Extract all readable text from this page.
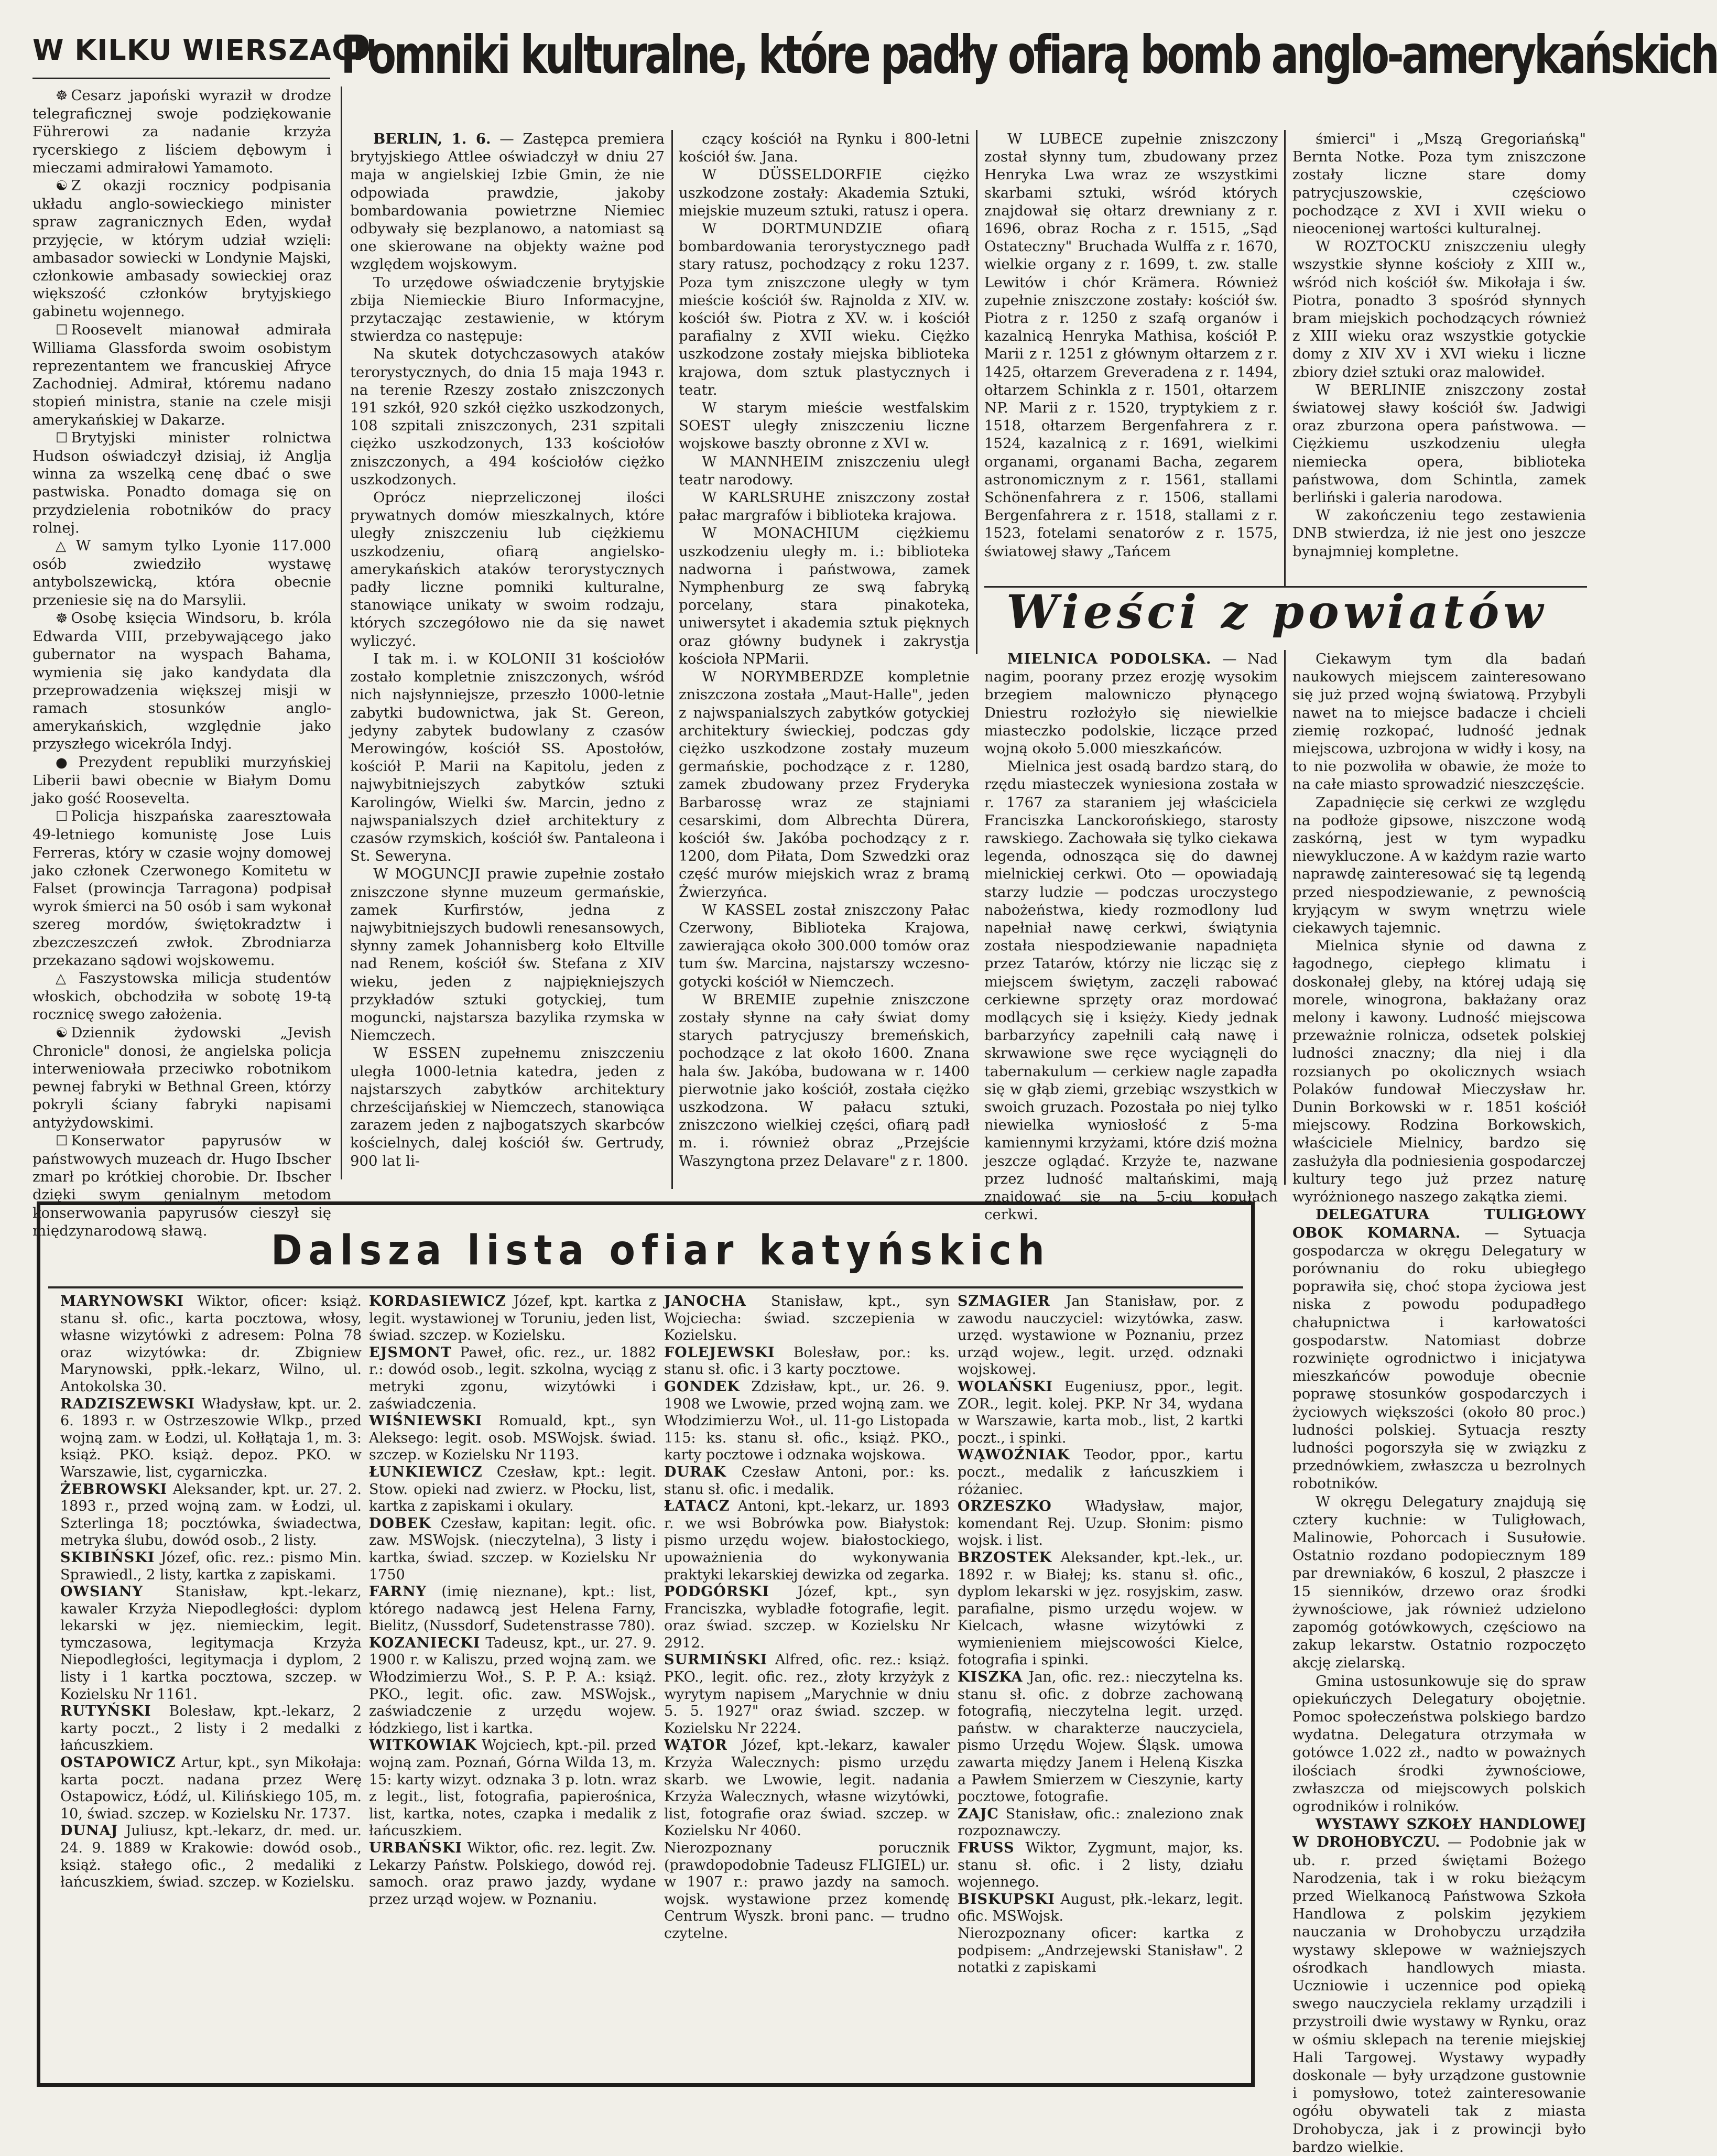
W KILKU WIERSZACH
Pomniki kulturalne, które padły ofiarą bomb anglo-amerykańskich

☸ Cesarz japoński wyraził w drodze telegraficznej swoje podziękowanie Führerowi za nadanie krzyża rycerskiego z liściem dębowym i mieczami admirałowi Yamamoto.

☯ Z okazji rocznicy podpisania układu anglo-sowieckiego minister spraw zagranicznych Eden, wydał przyjęcie, w którym udział wzięli: ambasador sowiecki w Londynie Majski, członkowie ambasady sowieckiej oraz większość członków brytyjskiego gabinetu wojennego.

☐ Roosevelt mianował admirała Williama Glassforda swoim osobistym reprezentantem we francuskiej Afryce Zachodniej. Admirał, któremu nadano stopień ministra, stanie na czele misji amerykańskiej w Dakarze.

☐ Brytyjski minister rolnictwa Hudson oświadczył dzisiaj, iż Anglja winna za wszelką cenę dbać o swe pastwiska. Ponadto domaga się on przydzielenia robotników do pracy rolnej.

△ W samym tylko Lyonie 117.000 osób zwiedziło wystawę antybolszewicką, która obecnie przeniesie się na do Marsylii.

☸ Osobę księcia Windsoru, b. króla Edwarda VIII, przebywającego jako gubernator na wyspach Bahama, wymienia się jako kandydata dla przeprowadzenia większej misji w ramach stosunków anglo-amerykańskich, względnie jako przyszłego wicekróla Indyj.

● Prezydent republiki murzyńskiej Liberii bawi obecnie w Białym Domu jako gość Roosevelta.

☐ Policja hiszpańska zaaresztowała 49-letniego komunistę Jose Luis Ferreras, który w czasie wojny domowej jako członek Czerwonego Komitetu w Falset (prowincja Tarragona) podpisał wyrok śmierci na 50 osób i sam wykonał szereg mordów, świętokradztw i zbezczeszczeń zwłok. Zbrodniarza przekazano sądowi wojskowemu.

△ Faszystowska milicja studentów włoskich, obchodziła w sobotę 19-tą rocznicę swego założenia.

☯ Dziennik żydowski „Jevish Chronicle" donosi, że angielska policja interweniowała przeciwko robotnikom pewnej fabryki w Bethnal Green, którzy pokryli ściany fabryki napisami antyżydowskimi.

☐ Konserwator papyrusów w państwowych muzeach dr. Hugo Ibscher zmarł po krótkiej chorobie. Dr. Ibscher dzięki swym genialnym metodom konserwowania papyrusów cieszył się międzynarodową sławą.

BERLIN, 1. 6. — Zastępca premiera brytyjskiego Attlee oświadczył w dniu 27 maja w angielskiej Izbie Gmin, że nie odpowiada prawdzie, jakoby bombardowania powietrzne Niemiec odbywały się bezplanowo, a natomiast są one skierowane na objekty ważne pod względem wojskowym.

To urzędowe oświadczenie brytyjskie zbija Niemieckie Biuro Informacyjne, przytaczając zestawienie, w którym stwierdza co następuje:

Na skutek dotychczasowych ataków terorystycznych, do dnia 15 maja 1943 r. na terenie Rzeszy zostało zniszczonych 191 szkół, 920 szkół ciężko uszkodzonych, 108 szpitali zniszczonych, 231 szpitali ciężko uszkodzonych, 133 kościołów zniszczonych, a 494 kościołów ciężko uszkodzonych.

Oprócz nieprzeliczonej ilości prywatnych domów mieszkalnych, które uległy zniszczeniu lub ciężkiemu uszkodzeniu, ofiarą angielsko-amerykańskich ataków terorystycznych padły liczne pomniki kulturalne, stanowiące unikaty w swoim rodzaju, których szczegółowo nie da się nawet wyliczyć.

I tak m. i. w KOLONII 31 kościołów zostało kompletnie zniszczonych, wśród nich najsłynniejsze, przeszło 1000-letnie zabytki budownictwa, jak St. Gereon, jedyny zabytek budowlany z czasów Merowingów, kościół SS. Apostołów, kościół P. Marii na Kapitolu, jeden z najwybitniejszych zabytków sztuki Karolingów, Wielki św. Marcin, jedno z najwspanialszych dzieł architektury z czasów rzymskich, kościół św. Pantaleona i St. Seweryna.

W MOGUNCJI prawie zupełnie zostało zniszczone słynne muzeum germańskie, zamek Kurfirstów, jedna z najwybitniejszych budowli renesansowych, słynny zamek Johannisberg koło Eltville nad Renem, kościół św. Stefana z XIV wieku, jeden z najpiękniejszych przykładów sztuki gotyckiej, tum moguncki, najstarsza bazylika rzymska w Niemczech.

W ESSEN zupełnemu zniszczeniu uległa 1000-letnia katedra, jeden z najstarszych zabytków architektury chrześcijańskiej w Niemczech, stanowiąca zarazem jeden z najbogatszych skarbców kościelnych, dalej kościół św. Gertrudy, 900 lat li-

czący kościół na Rynku i 800-letni kościół św. Jana.

W DÜSSELDORFIE ciężko uszkodzone zostały: Akademia Sztuki, miejskie muzeum sztuki, ratusz i opera.

W DORTMUNDZIE ofiarą bombardowania terorystycznego padł stary ratusz, pochodzący z roku 1237. Poza tym zniszczone uległy w tym mieście kościół św. Rajnolda z XIV. w. kościół św. Piotra z XV. w. i kościół parafialny z XVII wieku. Ciężko uszkodzone zostały miejska biblioteka krajowa, dom sztuk plastycznych i teatr.

W starym mieście westfalskim SOEST uległy zniszczeniu liczne wojskowe baszty obronne z XVI w.

W MANNHEIM zniszczeniu uległ teatr narodowy.

W KARLSRUHE zniszczony został pałac margrafów i biblioteka krajowa.

W MONACHIUM ciężkiemu uszkodzeniu uległy m. i.: biblioteka nadworna i państwowa, zamek Nymphenburg ze swą fabryką porcelany, stara pinakoteka, uniwersytet i akademia sztuk pięknych oraz główny budynek i zakrystja kościoła NPMarii.

W NORYMBERDZE kompletnie zniszczona została „Maut-Halle", jeden z najwspanialszych zabytków gotyckiej architektury świeckiej, podczas gdy ciężko uszkodzone zostały muzeum germańskie, pochodzące z r. 1280, zamek zbudowany przez Fryderyka Barbarossę wraz ze stajniami cesarskimi, dom Albrechta Dürera, kościół św. Jakóba pochodzący z r. 1200, dom Piłata, Dom Szwedzki oraz część murów miejskich wraz z bramą Żwierzyńca.

W KASSEL został zniszczony Pałac Czerwony, Biblioteka Krajowa, zawierająca około 300.000 tomów oraz tum św. Marcina, najstarszy wczesno-gotycki kościół w Niemczech.

W BREMIE zupełnie zniszczone zostały słynne na cały świat domy starych patrycjuszy bremeńskich, pochodzące z lat około 1600. Znana hala św. Jakóba, budowana w r. 1400 pierwotnie jako kościół, została ciężko uszkodzona. W pałacu sztuki, zniszczono wielkiej części, ofiarą padł m. i. również obraz „Przejście Waszyngtona przez Delavare" z r. 1800.

W LUBECE zupełnie zniszczony został słynny tum, zbudowany przez Henryka Lwa wraz ze wszystkimi skarbami sztuki, wśród których znajdował się ołtarz drewniany z r. 1696, obraz Rocha z r. 1515, „Sąd Ostateczny" Bruchada Wulffa z r. 1670, wielkie organy z r. 1699, t. zw. stalle Lewitów i chór Krämera. Również zupełnie zniszczone zostały: kościół św. Piotra z r. 1250 z szafą organów i kazalnicą Henryka Mathisa, kościół P. Marii z r. 1251 z głównym ołtarzem z r. 1425, ołtarzem Greveradena z r. 1494, ołtarzem Schinkla z r. 1501, ołtarzem NP. Marii z r. 1520, tryptykiem z r. 1518, ołtarzem Bergenfahrera z r. 1524, kazalnicą z r. 1691, wielkimi organami, organami Bacha, zegarem astronomicznym z r. 1561, stallami Schönenfahrera z r. 1506, stallami Bergenfahrera z r. 1518, stallami z r. 1523, fotelami senatorów z r. 1575, światowej sławy „Tańcem

śmierci" i „Mszą Gregoriańską" Bernta Notke. Poza tym zniszczone zostały liczne stare domy patrycjuszowskie, częściowo pochodzące z XVI i XVII wieku o nieocenionej wartości kulturalnej.

W ROZTOCKU zniszczeniu uległy wszystkie słynne kościoły z XIII w., wśród nich kościół św. Mikołaja i św. Piotra, ponadto 3 spośród słynnych bram miejskich pochodzących również z XIII wieku oraz wszystkie gotyckie domy z XIV XV i XVI wieku i liczne zbiory dzieł sztuki oraz malowideł.

W BERLINIE zniszczony został światowej sławy kościół św. Jadwigi oraz zburzona opera państwowa. — Ciężkiemu uszkodzeniu uległa niemiecka opera, biblioteka państwowa, dom Schintla, zamek berliński i galeria narodowa.

W zakończeniu tego zestawienia DNB stwierdza, iż nie jest ono jeszcze bynajmniej kompletne.

Wieści z powiatów

MIELNICA PODOLSKA. — Nad nagim, poorany przez erozję wysokim brzegiem malowniczo płynącego Dniestru rozłożyło się niewielkie miasteczko podolskie, liczące przed wojną około 5.000 mieszkańców.

Mielnica jest osadą bardzo starą, do rzędu miasteczek wyniesiona została w r. 1767 za staraniem jej właściciela Franciszka Lanckorońskiego, starosty rawskiego. Zachowała się tylko ciekawa legenda, odnosząca się do dawnej mielnickiej cerkwi. Oto — opowiadają starzy ludzie — podczas uroczystego nabożeństwa, kiedy rozmodlony lud napełniał nawę cerkwi, świątynia została niespodziewanie napadnięta przez Tatarów, którzy nie licząc się z miejscem świętym, zaczęli rabować cerkiewne sprzęty oraz mordować modlących się i księży. Kiedy jednak barbarzyńcy zapełnili całą nawę i skrwawione swe ręce wyciągnęli do tabernakulum — cerkiew nagle zapadła się w głąb ziemi, grzebiąc wszystkich w swoich gruzach. Pozostała po niej tylko niewielka wyniosłość z 5-ma kamiennymi krzyżami, które dziś można jeszcze oglądać. Krzyże te, nazwane przez ludność maltańskimi, mają znajdować się na 5-ciu kopułach cerkwi.

Ciekawym tym dla badań naukowych miejscem zainteresowano się już przed wojną światową. Przybyli nawet na to miejsce badacze i chcieli ziemię rozkopać, ludność jednak miejscowa, uzbrojona w widły i kosy, na to nie pozwoliła w obawie, że może to na całe miasto sprowadzić nieszczęście.

Zapadnięcie się cerkwi ze względu na podłoże gipsowe, niszczone wodą zaskórną, jest w tym wypadku niewykluczone. A w każdym razie warto naprawdę zainteresować się tą legendą przed niespodziewanie, z pewnością kryjącym w swym wnętrzu wiele ciekawych tajemnic.

Mielnica słynie od dawna z łagodnego, ciepłego klimatu i doskonałej gleby, na której udają się morele, winogrona, bakłażany oraz melony i kawony. Ludność miejscowa przeważnie rolnicza, odsetek polskiej ludności znaczny; dla niej i dla rozsianych po okolicznych wsiach Polaków fundował Mieczysław hr. Dunin Borkowski w r. 1851 kościół miejscowy. Rodzina Borkowskich, właściciele Mielnicy, bardzo się zasłużyła dla podniesienia gospodarczej kultury tego już przez naturę wyróżnionego naszego zakątka ziemi.

DELEGATURA TULIGŁOWY OBOK KOMARNA. — Sytuacja gospodarcza w okręgu Delegatury w porównaniu do roku ubiegłego poprawiła się, choć stopa życiowa jest niska z powodu podupadłego chałupnictwa i karłowatości gospodarstw. Natomiast dobrze rozwinięte ogrodnictwo i inicjatywa mieszkańców powoduje obecnie poprawę stosunków gospodarczych i życiowych większości (około 80 proc.) ludności polskiej. Sytuacja reszty ludności pogorszyła się w związku z przednówkiem, zwłaszcza u bezrolnych robotników.

W okręgu Delegatury znajdują się cztery kuchnie: w Tuligłowach, Malinowie, Pohorcach i Susułowie. Ostatnio rozdano podopiecznym 189 par drewniaków, 6 koszul, 2 płaszcze i 15 sienników, drzewo oraz środki żywnościowe, jak również udzielono zapomóg gotówkowych, częściowo na zakup lekarstw. Ostatnio rozpoczęto akcję zielarską.

Gmina ustosunkowuje się do spraw opiekuńczych Delegatury obojętnie. Pomoc społeczeństwa polskiego bardzo wydatna. Delegatura otrzymała w gotówce 1.022 zł., nadto w poważnych ilościach środki żywnościowe, zwłaszcza od miejscowych polskich ogrodników i rolników.

WYSTAWY SZKOŁY HANDLOWEJ W DROHOBYCZU. — Podobnie jak w ub. r. przed świętami Bożego Narodzenia, tak i w roku bieżącym przed Wielkanocą Państwowa Szkoła Handlowa z polskim językiem nauczania w Drohobyczu urządziła wystawy sklepowe w ważniejszych ośrodkach handlowych miasta. Uczniowie i uczennice pod opieką swego nauczyciela reklamy urządzili i przystroili dwie wystawy w Rynku, oraz w ośmiu sklepach na terenie miejskiej Hali Targowej. Wystawy wypadły doskonale — były urządzone gustownie i pomysłowo, toteż zainteresowanie ogółu obywateli tak z miasta Drohobycza, jak i z prowincji było bardzo wielkie.

Dalsza lista ofiar katyńskich

MARYNOWSKI Wiktor, oficer: książ. stanu sł. ofic., karta pocztowa, włosy, własne wizytówki z adresem: Polna 78 oraz wizytówka: dr. Zbigniew Marynowski, ppłk.-lekarz, Wilno, ul. Antokolska 30.

RADZISZEWSKI Władysław, kpt. ur. 2. 6. 1893 r. w Ostrzeszowie Wlkp., przed wojną zam. w Łodzi, ul. Kołłątaja 1, m. 3: książ. PKO. książ. depoz. PKO. w Warszawie, list, cygarniczka.

ŻEBROWSKI Aleksander, kpt. ur. 27. 2. 1893 r., przed wojną zam. w Łodzi, ul. Szterlinga 18; pocztówka, świadectwa, metryka ślubu, dowód osob., 2 listy.

SKIBIŃSKI Józef, ofic. rez.: pismo Min. Sprawiedl., 2 listy, kartka z zapiskami.

OWSIANY Stanisław, kpt.-lekarz, kawaler Krzyża Niepodległości: dyplom lekarski w jęz. niemieckim, legit. tymczasowa, legitymacja Krzyża Niepodległości, legitymacja i dyplom, 2 listy i 1 kartka pocztowa, szczep. w Kozielsku Nr 1161.

RUTYŃSKI Bolesław, kpt.-lekarz, 2 karty poczt., 2 listy i 2 medalki z łańcuszkiem.

OSTAPOWICZ Artur, kpt., syn Mikołaja: karta poczt. nadana przez Werę Ostapowicz, Łódź, ul. Kilińskiego 105, m. 10, świad. szczep. w Kozielsku Nr. 1737.

DUNAJ Juliusz, kpt.-lekarz, dr. med. ur. 24. 9. 1889 w Krakowie: dowód osob., książ. stałego ofic., 2 medaliki z łańcuszkiem, świad. szczep. w Kozielsku.

KORDASIEWICZ Józef, kpt. kartka z legit. wystawionej w Toruniu, jeden list, świad. szczep. w Kozielsku.

EJSMONT Paweł, ofic. rez., ur. 1882 r.: dowód osob., legit. szkolna, wyciąg z metryki zgonu, wizytówki i zaświadczenia.

WIŚNIEWSKI Romuald, kpt., syn Aleksego: legit. osob. MSWojsk. świad. szczep. w Kozielsku Nr 1193.

ŁUNKIEWICZ Czesław, kpt.: legit. Stow. opieki nad zwierz. w Płocku, list, kartka z zapiskami i okulary.

DOBEK Czesław, kapitan: legit. ofic. zaw. MSWojsk. (nieczytelna), 3 listy i kartka, świad. szczep. w Kozielsku Nr 1750

FARNY (imię nieznane), kpt.: list, którego nadawcą jest Helena Farny, Bielitz, (Nussdorf, Sudetenstrasse 780).

KOZANIECKI Tadeusz, kpt., ur. 27. 9. 1900 r. w Kaliszu, przed wojną zam. we Włodzimierzu Woł., S. P. P. A.: książ. PKO., legit. ofic. zaw. MSWojsk., zaświadczenie z urzędu wojew. łódzkiego, list i kartka.

WITKOWIAK Wojciech, kpt.-pil. przed wojną zam. Poznań, Górna Wilda 13, m. 15: karty wizyt. odznaka 3 p. lotn. wraz z legit., list, fotografia, papierośnica, list, kartka, notes, czapka i medalik z łańcuszkiem.

URBAŃSKI Wiktor, ofic. rez. legit. Zw. Lekarzy Państw. Polskiego, dowód rej. samoch. oraz prawo jazdy, wydane przez urząd wojew. w Poznaniu.

JANOCHA Stanisław, kpt., syn Wojciecha: świad. szczepienia w Kozielsku.

FOLEJEWSKI Bolesław, por.: ks. stanu sł. ofic. i 3 karty pocztowe.

GONDEK Zdzisław, kpt., ur. 26. 9. 1908 we Lwowie, przed wojną zam. we Włodzimierzu Woł., ul. 11-go Listopada 115: ks. stanu sł. ofic., książ. PKO., karty pocztowe i odznaka wojskowa.

DURAK Czesław Antoni, por.: ks. stanu sł. ofic. i medalik.

ŁATACZ Antoni, kpt.-lekarz, ur. 1893 r. we wsi Bobrówka pow. Białystok: pismo urzędu wojew. białostockiego, upoważnienia do wykonywania praktyki lekarskiej dewizka od zegarka.

PODGÓRSKI Józef, kpt., syn Franciszka, wybladłe fotografie, legit. oraz świad. szczep. w Kozielsku Nr 2912.

SURMIŃSKI Alfred, ofic. rez.: książ. PKO., legit. ofic. rez., złoty krzyżyk z wyrytym napisem „Marychnie w dniu 5. 5. 1927" oraz świad. szczep. w Kozielsku Nr 2224.

WĄTOR Józef, kpt.-lekarz, kawaler Krzyża Walecznych: pismo urzędu skarb. we Lwowie, legit. nadania Krzyża Walecznych, własne wizytówki, list, fotografie oraz świad. szczep. w Kozielsku Nr 4060.

Nierozpoznany porucznik (prawdopodobnie Tadeusz FLIGIEL) ur. w 1907 r.: prawo jazdy na samoch. wojsk. wystawione przez komendę Centrum Wyszk. broni panc. — trudno czytelne.

SZMAGIER Jan Stanisław, por. z zawodu nauczyciel: wizytówka, zasw. urzęd. wystawione w Poznaniu, przez urząd wojew., legit. urzęd. odznaki wojskowej.

WOLAŃSKI Eugeniusz, ppor., legit. ZOR., legit. kolej. PKP. Nr 34, wydana w Warszawie, karta mob., list, 2 kartki poczt., i spinki.

WĄWOŹNIAK Teodor, ppor., kartu poczt., medalik z łańcuszkiem i różaniec.

ORZESZKO Władysław, major, komendant Rej. Uzup. Słonim: pismo wojsk. i list.

BRZOSTEK Aleksander, kpt.-lek., ur. 1892 r. w Białej; ks. stanu sł. ofic., dyplom lekarski w jęz. rosyjskim, zasw. parafialne, pismo urzędu wojew. w Kielcach, własne wizytówki z wymienieniem miejscowości Kielce, fotografia i spinki.

KISZKA Jan, ofic. rez.: nieczytelna ks. stanu sł. ofic. z dobrze zachowaną fotografią, nieczytelna legit. urzęd. państw. w charakterze nauczyciela, pismo Urzędu Wojew. Śląsk. umowa zawarta między Janem i Heleną Kiszka a Pawłem Smierzem w Cieszynie, karty pocztowe, fotografie.

ZAJC Stanisław, ofic.: znaleziono znak rozpoznawczy.

FRUSS Wiktor, Zygmunt, major, ks. stanu sł. ofic. i 2 listy, działu wojennego.

BISKUPSKI August, płk.-lekarz, legit. ofic. MSWojsk.

Nierozpoznany oficer: kartka z podpisem: „Andrzejewski Stanisław". 2 notatki z zapiskami
